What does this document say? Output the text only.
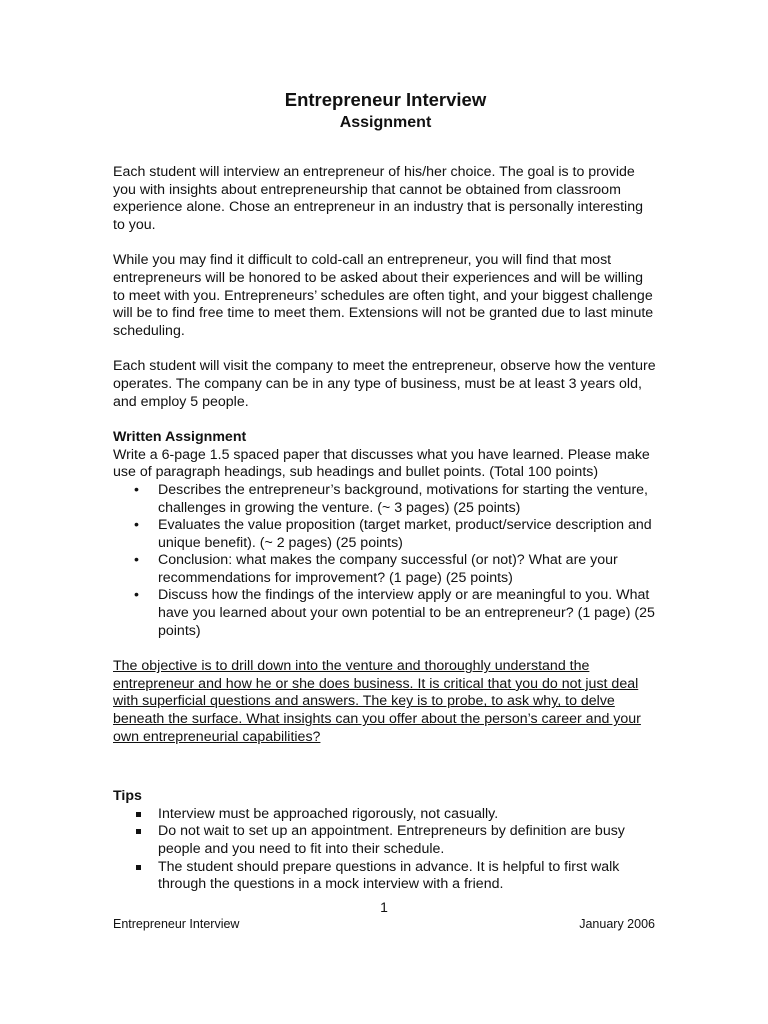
Entrepreneur Interview
Assignment

Each student will interview an entrepreneur of his/her choice. The goal is to provide you with insights about entrepreneurship that cannot be obtained from classroom experience alone. Chose an entrepreneur in an industry that is personally interesting to you.

While you may find it difficult to cold-call an entrepreneur, you will find that most entrepreneurs will be honored to be asked about their experiences and will be willing to meet with you. Entrepreneurs’ schedules are often tight, and your biggest challenge will be to find free time to meet them. Extensions will not be granted due to last minute scheduling.

Each student will visit the company to meet the entrepreneur, observe how the venture operates. The company can be in any type of business, must be at least 3 years old, and employ 5 people.

Written Assignment
Write a 6-page 1.5 spaced paper that discusses what you have learned. Please make use of paragraph headings, sub headings and bullet points. (Total 100 points)
• Describes the entrepreneur’s background, motivations for starting the venture, challenges in growing the venture. (~ 3 pages) (25 points)
• Evaluates the value proposition (target market, product/service description and unique benefit). (~ 2 pages) (25 points)
• Conclusion: what makes the company successful (or not)? What are your recommendations for improvement? (1 page) (25 points)
• Discuss how the findings of the interview apply or are meaningful to you. What have you learned about your own potential to be an entrepreneur? (1 page) (25 points)

The objective is to drill down into the venture and thoroughly understand the entrepreneur and how he or she does business. It is critical that you do not just deal with superficial questions and answers. The key is to probe, to ask why, to delve beneath the surface. What insights can you offer about the person’s career and your own entrepreneurial capabilities?

Tips
Interview must be approached rigorously, not casually.
Do not wait to set up an appointment. Entrepreneurs by definition are busy people and you need to fit into their schedule.
The student should prepare questions in advance. It is helpful to first walk through the questions in a mock interview with a friend.
1
Entrepreneur Interview	January 2006
